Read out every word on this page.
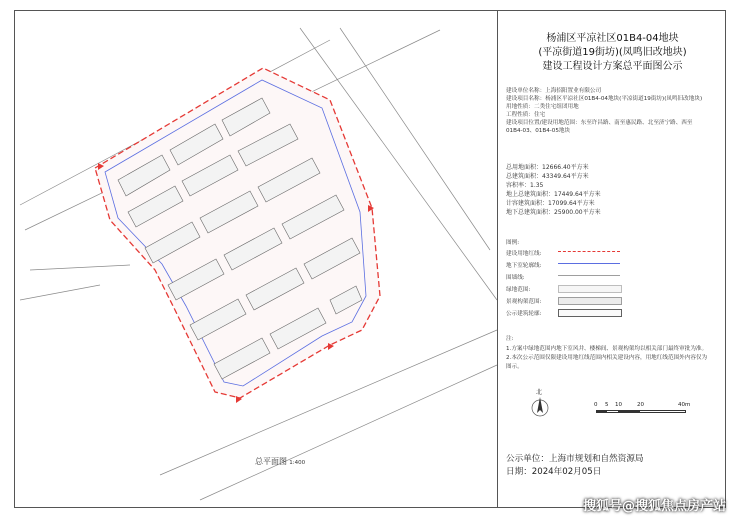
总平面图 1:400
杨浦区平凉社区01B4-04地块
(平凉街道19街坊)(凤鸣旧改地块)
建设工程设计方案总平面图公示
建设单位名称：上海招阳置业有限公司
建设项目名称：杨浦区平凉社区01B4-04地块(平凉街道19街坊)(凤鸣旧改地块)
用地性质：二类住宅组团用地
工程性质：住宅
建设项目位置/建设用地范围：东至许昌路、南至惠民路、北至济宁路、西至
01B4-03、01B4-05地块
总用地面积：12666.40平方米
总建筑面积：43349.64平方米
容积率：1.35
地上总建筑面积：17449.64平方米
计容建筑面积：17099.64平方米
地下总建筑面积：25900.00平方米
图例:
建设用地红线:
地下室轮廓线:
围墙线:
绿地范围:
景观构架范围:
公示建筑轮廓:
注:
1.方案中绿地范围内地下室风井、楼梯间、景观构架均以相关部门最终审批为准。
2.本次公示范围仅限建设用地红线范围内相关建设内容，用地红线范围外内容仅为
图示。
北
0 5 10	20	40m
公示单位：上海市规划和自然资源局
日期：2024年02月05日
搜狐号@搜狐焦点房产站
